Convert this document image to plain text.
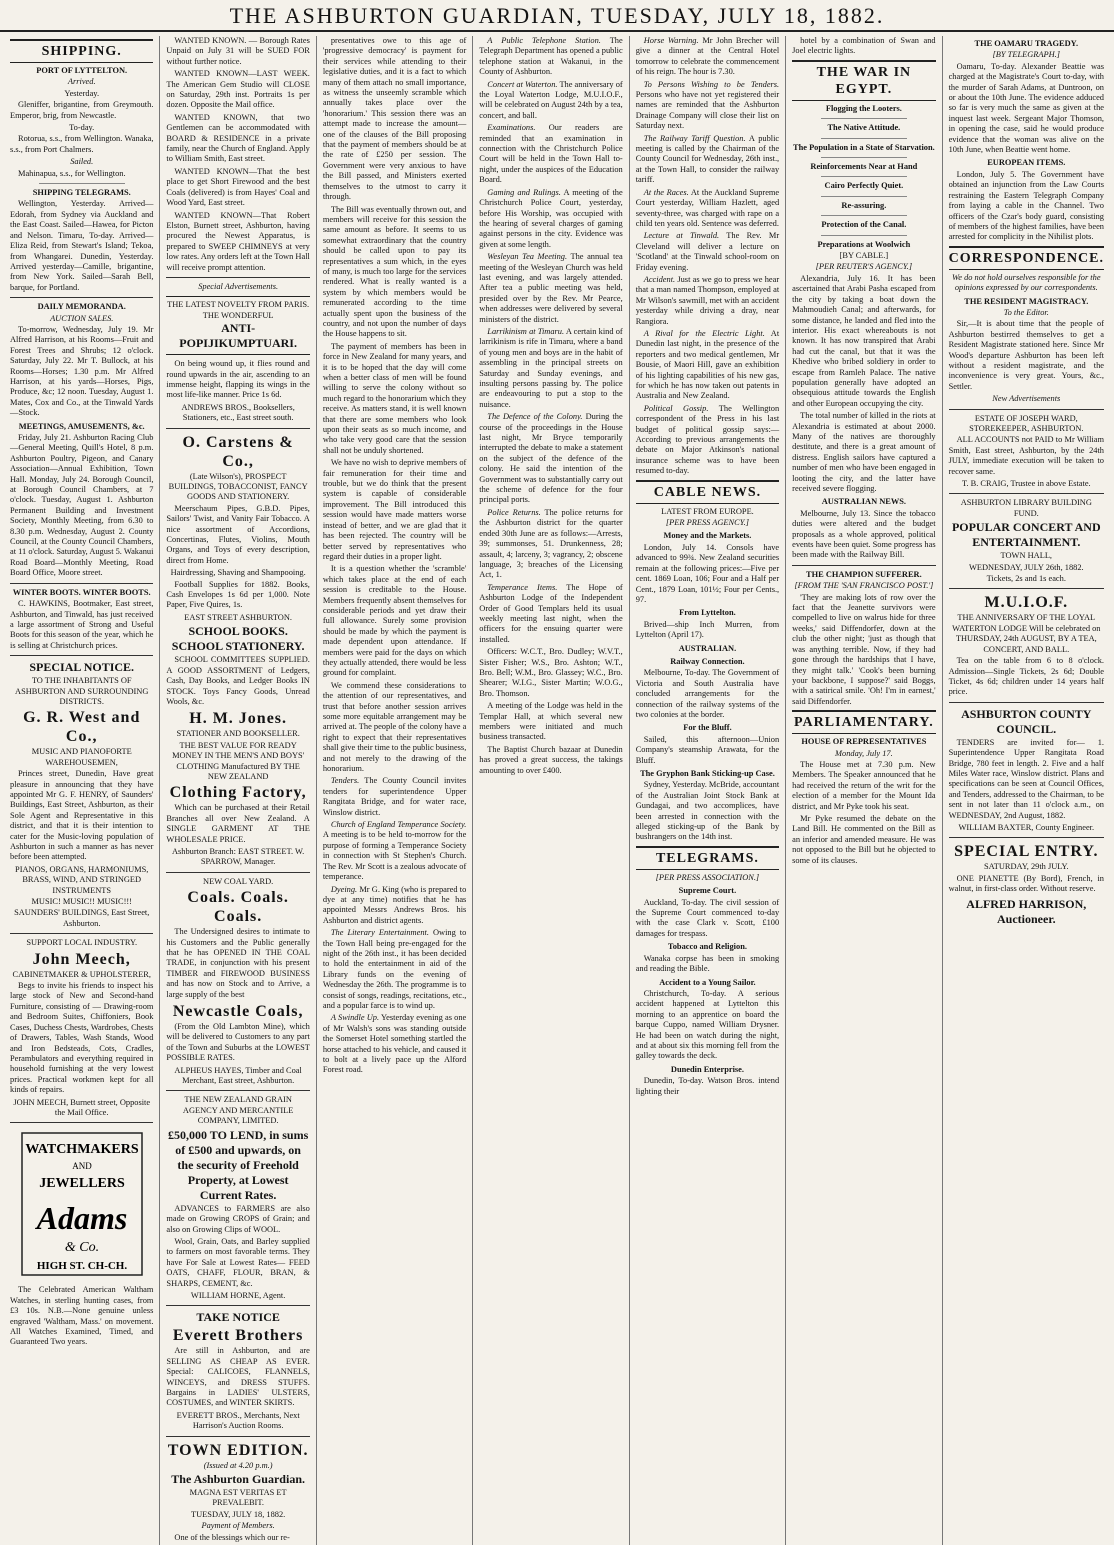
THE ASHBURTON GUARDIAN, TUESDAY, JULY 18, 1882.
SHIPPING.
PORT OF LYTTELTON.
Arrived.
Yesterday.
Gleniffer, brigantine, from Greymouth. Emperor, brig, from Newcastle.
To-day.
Rotorua, s.s., from Wellington. Wanaka, s.s., from Port Chalmers.
Sailed.
Mahinapua, s.s., for Wellington.
SHIPPING TELEGRAMS.
Wellington, Yesterday. Arrived—Edorah, from Sydney via Auckland and the East Coast. Sailed—Hawea, for Picton and Nelson. Timaru, To-day. Arrived—Eliza Reid, from Stewart's Island; Tekoa, from Whangarei. Dunedin, Yesterday. Arrived yesterday—Camille, brigantine, from New York. Sailed—Sarah Bell, barque, for Portland.
DAILY MEMORANDA.
AUCTION SALES.
To-morrow, Wednesday, July 19. Mr Alfred Harrison, at his Rooms—Fruit and Forest Trees and Shrubs; 12 o'clock. Saturday, July 22. Mr T. Bullock, at his Rooms—Horses; 1.30 p.m. Mr Alfred Harrison, at his yards—Horses, Pigs, Produce, &c; 12 noon. Tuesday, August 1. Mates, Cox and Co., at the Tinwald Yards—Stock.
MEETINGS, AMUSEMENTS, &c.
Friday, July 21. Ashburton Racing Club—General Meeting, Quill's Hotel, 8 p.m. Ashburton Poultry, Pigeon, and Canary Association—Annual Exhibition, Town Hall. Monday, July 24. Borough Council, at Borough Council Chambers, at 7 o'clock. Tuesday, August 1. Ashburton Permanent Building and Investment Society, Monthly Meeting, from 6.30 to 8.30 p.m. Wednesday, August 2. County Council, at the County Council Chambers, at 11 o'clock. Saturday, August 5. Wakanui Road Board—Monthly Meeting, Road Board Office, Moore street.
WINTER BOOTS. WINTER BOOTS.
C. HAWKINS, Bootmaker, East street, Ashburton, and Tinwald, has just received a large assortment of Strong and Useful Boots for this season of the year, which he is selling at Christchurch prices.
SPECIAL NOTICE.
TO THE INHABITANTS OF ASHBURTON AND SURROUNDING DISTRICTS.
G. R. West and Co.,
MUSIC AND PIANOFORTE WAREHOUSEMEN,
Princes street, Dunedin, Have great pleasure in announcing that they have appointed Mr G. F. HENRY, of Saunders' Buildings, East Street, Ashburton, as their Sole Agent and Representative in this district, and that it is their intention to cater for the Music-loving population of Ashburton in such a manner as has never before been attempted.
PIANOS, ORGANS, HARMONIUMS, BRASS, WIND, AND STRINGED INSTRUMENTS
MUSIC! MUSIC!! MUSIC!!!
SAUNDERS' BUILDINGS, East Street, Ashburton.
SUPPORT LOCAL INDUSTRY.
John Meech,
CABINETMAKER & UPHOLSTERER,
Begs to invite his friends to inspect his large stock of New and Second-hand Furniture, consisting of — Drawing-room and Bedroom Suites, Chiffoniers, Book Cases, Duchess Chests, Wardrobes, Chests of Drawers, Tables, Wash Stands, Wood and Iron Bedsteads, Cots, Cradles, Perambulators and everything required in household furnishing at the very lowest prices. Practical workmen kept for all kinds of repairs.
JOHN MEECH, Burnett street, Opposite the Mail Office.
WATCHMAKERS
AND
JEWELLERS
Adams
& Co.
HIGH ST. CH-CH.
The Celebrated American Waltham Watches, in sterling hunting cases, from £3 10s. N.B.—None genuine unless engraved 'Waltham, Mass.' on movement. All Watches Examined, Timed, and Guaranteed Two years.
WANTED KNOWN. — Borough Rates Unpaid on July 31 will be SUED FOR without further notice.
WANTED KNOWN—LAST WEEK. The American Gem Studio will CLOSE on Saturday, 29th inst. Portraits 1s per dozen. Opposite the Mail office.
WANTED KNOWN, that two Gentlemen can be accommodated with BOARD & RESIDENCE in a private family, near the Church of England. Apply to William Smith, East street.
WANTED KNOWN—That the best place to get Short Firewood and the best Coals (delivered) is from Hayes' Coal and Wood Yard, East street.
WANTED KNOWN—That Robert Elston, Burnett street, Ashburton, having procured the Newest Apparatus, is prepared to SWEEP CHIMNEYS at very low rates. Any orders left at the Town Hall will receive prompt attention.
Special Advertisements.
THE LATEST NOVELTY FROM PARIS.
THE WONDERFUL
ANTI-POPIJIKUMPTUARI.
On being wound up, it flies round and round upwards in the air, ascending to an immense height, flapping its wings in the most life-like manner. Price 1s 6d.
ANDREWS BROS., Booksellers, Stationers, etc., East street south.
O. Carstens & Co.,
(Late Wilson's), PROSPECT BUILDINGS, TOBACCONIST, FANCY GOODS AND STATIONERY.
Meerschaum Pipes, G.B.D. Pipes, Sailors' Twist, and Vanity Fair Tobacco. A nice assortment of Accordions, Concertinas, Flutes, Violins, Mouth Organs, and Toys of every description, direct from Home.
Hairdressing, Shaving and Shampooing.
Football Supplies for 1882. Books, Cash Envelopes 1s 6d per 1,000. Note Paper, Five Quires, 1s.
EAST STREET ASHBURTON.
SCHOOL BOOKS. SCHOOL STATIONERY.
SCHOOL COMMITTEES SUPPLIED. A GOOD ASSORTMENT of Ledgers, Cash, Day Books, and Ledger Books IN STOCK. Toys Fancy Goods, Unread Wools, &c.
H. M. Jones.
STATIONER AND BOOKSELLER.
THE BEST VALUE FOR READY MONEY IN THE MEN'S AND BOYS' CLOTHING Manufactured BY THE NEW ZEALAND
Clothing Factory,
Which can be purchased at their Retail Branches all over New Zealand. A SINGLE GARMENT AT THE WHOLESALE PRICE.
Ashburton Branch: EAST STREET. W. SPARROW, Manager.
NEW COAL YARD.
Coals. Coals. Coals.
The Undersigned desires to intimate to his Customers and the Public generally that he has OPENED IN THE COAL TRADE, in conjunction with his present TIMBER and FIREWOOD BUSINESS and has now on Stock and to Arrive, a large supply of the best
Newcastle Coals,
(From the Old Lambton Mine), which will be delivered to Customers to any part of the Town and Suburbs at the LOWEST POSSIBLE RATES.
ALPHEUS HAYES, Timber and Coal Merchant, East street, Ashburton.
THE NEW ZEALAND GRAIN AGENCY AND MERCANTILE COMPANY, LIMITED.
£50,000 TO LEND, in sums of £500 and upwards, on the security of Freehold Property, at Lowest Current Rates.
ADVANCES to FARMERS are also made on Growing CROPS of Grain; and also on Growing Clips of WOOL.
Wool, Grain, Oats, and Barley supplied to farmers on most favorable terms. They have For Sale at Lowest Rates— FEED OATS, CHAFF, FLOUR, BRAN, & SHARPS, CEMENT, &c.
WILLIAM HORNE, Agent.
TAKE NOTICE
Everett Brothers
Are still in Ashburton, and are SELLING AS CHEAP AS EVER. Special: CALICOES, FLANNELS, WINCEYS, and DRESS STUFFS. Bargains in LADIES' ULSTERS, COSTUMES, and WINTER SKIRTS.
EVERETT BROS., Merchants, Next Harrison's Auction Rooms.
TOWN EDITION.
(Issued at 4.20 p.m.)
The Ashburton Guardian.
MAGNA EST VERITAS ET PREVALEBIT.
TUESDAY, JULY 18, 1882.
Payment of Members.
One of the blessings which our re-
presentatives owe to this age of 'progressive democracy' is payment for their services while attending to their legislative duties, and it is a fact to which many of them attach no small importance, as witness the unseemly scramble which annually takes place over the 'honorarium.' This session there was an attempt made to increase the amount—one of the clauses of the Bill proposing that the payment of members should be at the rate of £250 per session. The Government were very anxious to have the Bill passed, and Ministers exerted themselves to the utmost to carry it through.
The Bill was eventually thrown out, and members will receive for this session the same amount as before. It seems to us somewhat extraordinary that the country should be called upon to pay its representatives a sum which, in the eyes of many, is much too large for the services rendered. What is really wanted is a system by which members would be remunerated according to the time actually spent upon the business of the country, and not upon the number of days the House happens to sit.
The payment of members has been in force in New Zealand for many years, and it is to be hoped that the day will come when a better class of men will be found willing to serve the colony without so much regard to the honorarium which they receive. As matters stand, it is well known that there are some members who look upon their seats as so much income, and who take very good care that the session shall not be unduly shortened.
We have no wish to deprive members of fair remuneration for their time and trouble, but we do think that the present system is capable of considerable improvement. The Bill introduced this session would have made matters worse instead of better, and we are glad that it has been rejected. The country will be better served by representatives who regard their duties in a proper light.
It is a question whether the 'scramble' which takes place at the end of each session is creditable to the House. Members frequently absent themselves for considerable periods and yet draw their full allowance. Surely some provision should be made by which the payment is made dependent upon attendance. If members were paid for the days on which they actually attended, there would be less ground for complaint.
We commend these considerations to the attention of our representatives, and trust that before another session arrives some more equitable arrangement may be arrived at. The people of the colony have a right to expect that their representatives shall give their time to the public business, and not merely to the drawing of the honorarium.
Tenders. The County Council invites tenders for superintendence Upper Rangitata Bridge, and for water race, Winslow district.
Church of England Temperance Society. A meeting is to be held to-morrow for the purpose of forming a Temperance Society in connection with St Stephen's Church. The Rev. Mr Scott is a zealous advocate of temperance.
Dyeing. Mr G. King (who is prepared to dye at any time) notifies that he has appointed Messrs Andrews Bros. his Ashburton and district agents.
The Literary Entertainment. Owing to the Town Hall being pre-engaged for the night of the 26th inst., it has been decided to hold the entertainment in aid of the Library funds on the evening of Wednesday the 26th. The programme is to consist of songs, readings, recitations, etc., and a popular farce is to wind up.
A Swindle Up. Yesterday evening as one of Mr Walsh's sons was standing outside the Somerset Hotel something startled the horse attached to his vehicle, and caused it to bolt at a lively pace up the Alford Forest road.
A Public Telephone Station. The Telegraph Department has opened a public telephone station at Wakanui, in the County of Ashburton.
Concert at Waterton. The anniversary of the Loyal Waterton Lodge, M.U.I.O.F., will be celebrated on August 24th by a tea, concert, and ball.
Examinations. Our readers are reminded that an examination in connection with the Christchurch Police Court will be held in the Town Hall to-night, under the auspices of the Education Board.
Gaming and Rulings. A meeting of the Christchurch Police Court, yesterday, before His Worship, was occupied with the hearing of several charges of gaming against persons in the city. Evidence was given at some length.
Wesleyan Tea Meeting. The annual tea meeting of the Wesleyan Church was held last evening, and was largely attended. After tea a public meeting was held, presided over by the Rev. Mr Pearce, when addresses were delivered by several ministers of the district.
Larrikinism at Timaru. A certain kind of larrikinism is rife in Timaru, where a band of young men and boys are in the habit of assembling in the principal streets on Saturday and Sunday evenings, and insulting persons passing by. The police are endeavouring to put a stop to the nuisance.
The Defence of the Colony. During the course of the proceedings in the House last night, Mr Bryce temporarily interrupted the debate to make a statement on the subject of the defence of the colony. He said the intention of the Government was to substantially carry out the scheme of defence for the four principal ports.
Police Returns. The police returns for the Ashburton district for the quarter ended 30th June are as follows:—Arrests, 39; summonses, 51. Drunkenness, 28; assault, 4; larceny, 3; vagrancy, 2; obscene language, 3; breaches of the Licensing Act, 1.
Temperance Items. The Hope of Ashburton Lodge of the Independent Order of Good Templars held its usual weekly meeting last night, when the officers for the ensuing quarter were installed.
Officers: W.C.T., Bro. Dudley; W.V.T., Sister Fisher; W.S., Bro. Ashton; W.T., Bro. Bell; W.M., Bro. Glassey; W.C., Bro. Shearer; W.I.G., Sister Martin; W.O.G., Bro. Thomson.
A meeting of the Lodge was held in the Templar Hall, at which several new members were initiated and much business transacted.
The Baptist Church bazaar at Dunedin has proved a great success, the takings amounting to over £400.
Horse Warning. Mr John Brecher will give a dinner at the Central Hotel tomorrow to celebrate the commencement of his reign. The hour is 7.30.
To Persons Wishing to be Tenders. Persons who have not yet registered their names are reminded that the Ashburton Drainage Company will close their list on Saturday next.
The Railway Tariff Question. A public meeting is called by the Chairman of the County Council for Wednesday, 26th inst., at the Town Hall, to consider the railway tariff.
At the Races. At the Auckland Supreme Court yesterday, William Hazlett, aged seventy-three, was charged with rape on a child ten years old. Sentence was deferred.
Lecture at Tinwald. The Rev. Mr Cleveland will deliver a lecture on 'Scotland' at the Tinwald school-room on Friday evening.
Accident. Just as we go to press we hear that a man named Thompson, employed at Mr Wilson's sawmill, met with an accident yesterday while driving a dray, near Rangiora.
A Rival for the Electric Light. At Dunedin last night, in the presence of the reporters and two medical gentlemen, Mr Bousie, of Maori Hill, gave an exhibition of his lighting capabilities of his new gas, for which he has now taken out patents in Australia and New Zealand.
Political Gossip. The Wellington correspondent of the Press in his last budget of political gossip says:—According to previous arrangements the debate on Major Atkinson's national insurance scheme was to have been resumed to-day.
CABLE NEWS.
LATEST FROM EUROPE.
[PER PRESS AGENCY.]
Money and the Markets.
London, July 14. Consols have advanced to 99¾. New Zealand securities remain at the following prices:—Five per cent. 1869 Loan, 106; Four and a Half per Cent., 1879 Loan, 101½; Four per Cents., 97.
From Lyttelton.
Brived—ship Inch Murren, from Lyttelton (April 17).
AUSTRALIAN.
Railway Connection.
Melbourne, To-day. The Government of Victoria and South Australia have concluded arrangements for the connection of the railway systems of the two colonies at the border.
For the Bluff.
Sailed, this afternoon—Union Company's steamship Arawata, for the Bluff.
The Gryphon Bank Sticking-up Case.
Sydney, Yesterday. McBride, accountant of the Australian Joint Stock Bank at Gundagai, and two accomplices, have been arrested in connection with the alleged sticking-up of the Bank by bushrangers on the 14th inst.
TELEGRAMS.
[PER PRESS ASSOCIATION.]
Supreme Court.
Auckland, To-day. The civil session of the Supreme Court commenced to-day with the case Clark v. Scott, £100 damages for trespass.
Tobacco and Religion.
Wanaka corpse has been in smoking and reading the Bible.
Accident to a Young Sailor.
Christchurch, To-day. A serious accident happened at Lyttelton this morning to an apprentice on board the barque Cuppo, named William Drysner. He had been on watch during the night, and at about six this morning fell from the galley towards the deck.
Dunedin Enterprise.
Dunedin, To-day. Watson Bros. intend lighting their
hotel by a combination of Swan and Joel electric lights.
THE WAR IN EGYPT.
Flogging the Looters.
The Native Attitude.
The Population in a State of Starvation.
Reinforcements Near at Hand
Cairo Perfectly Quiet.
Re-assuring.
Protection of the Canal.
Preparations at Woolwich
[BY CABLE.]
[PER REUTER'S AGENCY.]
Alexandria, July 16. It has been ascertained that Arabi Pasha escaped from the city by taking a boat down the Mahmoudieh Canal; and afterwards, for some distance, he landed and fled into the interior. His exact whereabouts is not known. It has now transpired that Arabi had cut the canal, but that it was the Khedive who bribed soldiery in order to escape from Ramleh Palace. The native population generally have adopted an obsequious attitude towards the English and other European occupying the city.
The total number of killed in the riots at Alexandria is estimated at about 2000. Many of the natives are thoroughly destitute, and there is a great amount of distress. English sailors have captured a number of men who have been engaged in looting the city, and the latter have received severe flogging.
AUSTRALIAN NEWS.
Melbourne, July 13. Since the tobacco duties were altered and the budget proposals as a whole approved, political events have been quiet. Some progress has been made with the Railway Bill.
THE CHAMPION SUFFERER.
[FROM THE 'SAN FRANCISCO POST.']
'They are making lots of row over the fact that the Jeanette survivors were compelled to live on walrus hide for three weeks,' said Diffendorfer, down at the club the other night; 'just as though that was anything terrible. Now, if they had gone through the hardships that I have, they might talk.' 'Cook's been burning your backbone, I suppose?' said Boggs, with a satirical smile. 'Oh! I'm in earnest,' said Diffendorfer.
PARLIAMENTARY.
HOUSE OF REPRESENTATIVES
Monday, July 17.
The House met at 7.30 p.m. New Members. The Speaker announced that he had received the return of the writ for the election of a member for the Mount Ida district, and Mr Pyke took his seat.
Mr Pyke resumed the debate on the Land Bill. He commented on the Bill as an inferior and amended measure. He was not opposed to the Bill but he objected to some of its clauses.
THE OAMARU TRAGEDY.
[BY TELEGRAPH.]
Oamaru, To-day. Alexander Beattie was charged at the Magistrate's Court to-day, with the murder of Sarah Adams, at Duntroon, on or about the 10th June. The evidence adduced so far is very much the same as given at the inquest last week. Sergeant Major Thomson, in opening the case, said he would produce evidence that the woman was alive on the 10th June, when Beattie went home.
EUROPEAN ITEMS.
London, July 5. The Government have obtained an injunction from the Law Courts restraining the Eastern Telegraph Company from laying a cable in the Channel. Two officers of the Czar's body guard, consisting of members of the highest families, have been arrested for complicity in the Nihilist plots.
CORRESPONDENCE.
We do not hold ourselves responsible for the opinions expressed by our correspondents.
THE RESIDENT MAGISTRACY.
To the Editor.
Sir,—It is about time that the people of Ashburton bestirred themselves to get a Resident Magistrate stationed here. Since Mr Wood's departure Ashburton has been left without a resident magistrate, and the inconvenience is very great. Yours, &c., Settler.
New Advertisements
ESTATE OF JOSEPH WARD, STOREKEEPER, ASHBURTON.
ALL ACCOUNTS not PAID to Mr William Smith, East street, Ashburton, by the 24th JULY, immediate execution will be taken to recover same.
T. B. CRAIG, Trustee in above Estate.
ASHBURTON LIBRARY BUILDING FUND.
POPULAR CONCERT AND ENTERTAINMENT.
TOWN HALL,
WEDNESDAY, JULY 26th, 1882.
Tickets, 2s and 1s each.
M.U.I.O.F.
THE ANNIVERSARY OF THE LOYAL WATERTON LODGE Will be celebrated on THURSDAY, 24th AUGUST, BY A TEA, CONCERT, AND BALL.
Tea on the table from 6 to 8 o'clock. Admission—Single Tickets, 2s 6d; Double Ticket, 4s 6d; children under 14 years half price.
ASHBURTON COUNTY COUNCIL.
TENDERS are invited for— 1. Superintendence Upper Rangitata Road Bridge, 780 feet in length. 2. Five and a half Miles Water race, Winslow district. Plans and specifications can be seen at Council Offices, and Tenders, addressed to the Chairman, to be sent in not later than 11 o'clock a.m., on WEDNESDAY, 2nd August, 1882.
WILLIAM BAXTER, County Engineer.
SPECIAL ENTRY.
SATURDAY, 29th JULY.
ONE PIANETTE (By Bord), French, in walnut, in first-class order. Without reserve.
ALFRED HARRISON, Auctioneer.
